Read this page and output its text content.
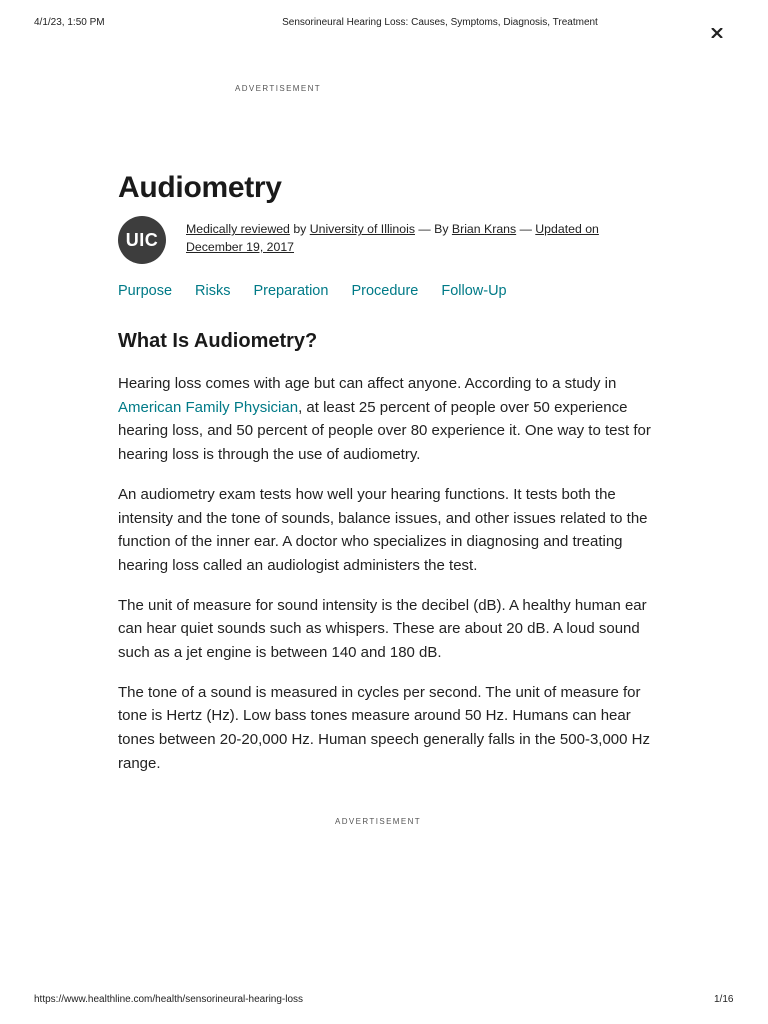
4/1/23, 1:50 PM	Sensorineural Hearing Loss: Causes, Symptoms, Diagnosis, Treatment
ADVERTISEMENT
Audiometry
UIC
Medically reviewed by University of Illinois — By Brian Krans — Updated on December 19, 2017
Purpose Risks Preparation Procedure Follow-Up
What Is Audiometry?

Hearing loss comes with age but can affect anyone. According to a study in American Family Physician, at least 25 percent of people over 50 experience hearing loss, and 50 percent of people over 80 experience it. One way to test for hearing loss is through the use of audiometry.

An audiometry exam tests how well your hearing functions. It tests both the intensity and the tone of sounds, balance issues, and other issues related to the function of the inner ear. A doctor who specializes in diagnosing and treating hearing loss called an audiologist administers the test.

The unit of measure for sound intensity is the decibel (dB). A healthy human ear can hear quiet sounds such as whispers. These are about 20 dB. A loud sound such as a jet engine is between 140 and 180 dB.

The tone of a sound is measured in cycles per second. The unit of measure for tone is Hertz (Hz). Low bass tones measure around 50 Hz. Humans can hear tones between 20-20,000 Hz. Human speech generally falls in the 500-3,000 Hz range.

ADVERTISEMENT
https://www.healthline.com/health/sensorineural-hearing-loss	1/16
